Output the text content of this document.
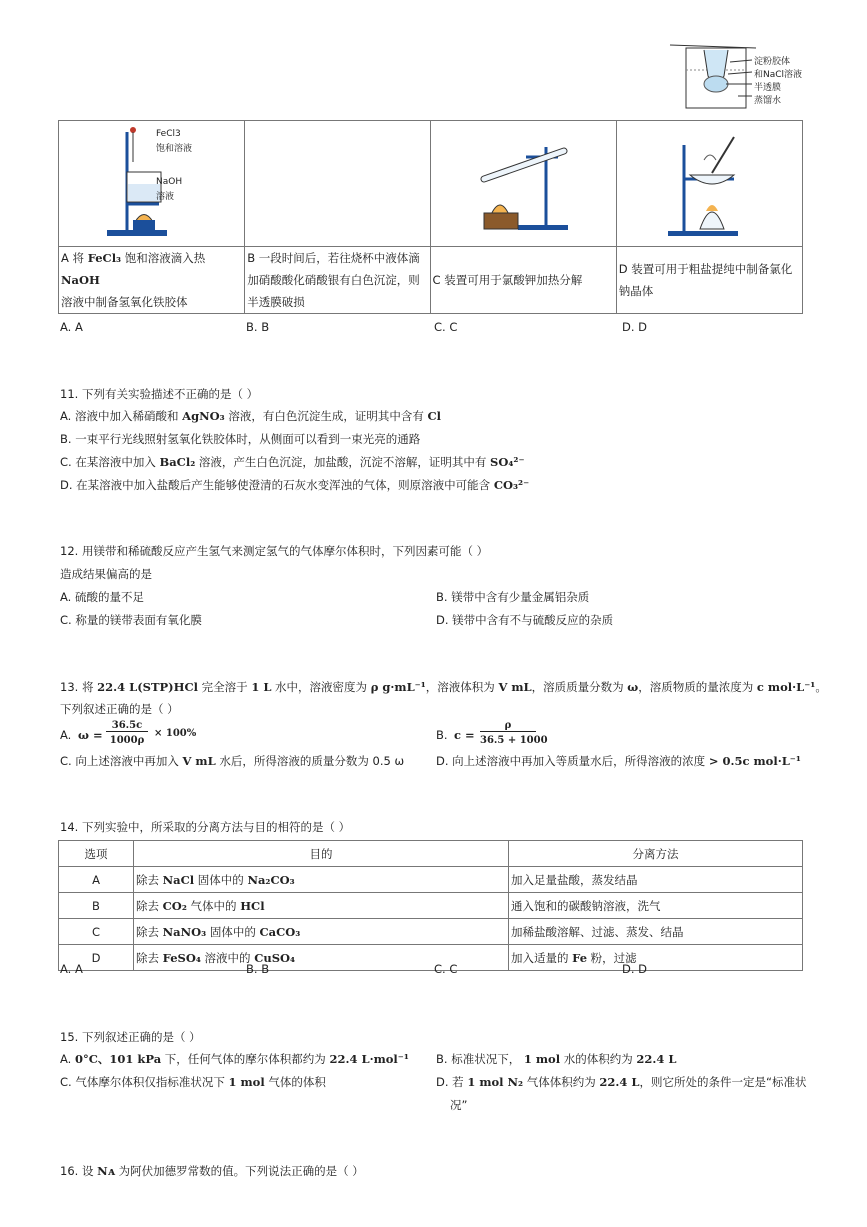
淀粉胶体
和NaCl溶液
半透膜
蒸馏水
FeCl3
饱和溶液
NaOH
溶液

A 将 FeCl₃ 饱和溶液滴入热 NaOH
溶液中制备氢氧化铁胶体	B 一段时间后，若往烧杯中液体滴加硝酸酸化硝酸银有白色沉淀，则半透膜破损	C 装置可用于氯酸钾加热分解	D 装置可用于粗盐提纯中制备氯化钠晶体
A. A	B. B	C. C	D. D
11. 下列有关实验描述不正确的是（ ）
A. 溶液中加入稀硝酸和 AgNO₃ 溶液，有白色沉淀生成，证明其中含有 Cl
B. 一束平行光线照射氢氧化铁胶体时，从侧面可以看到一束光亮的通路
C. 在某溶液中加入 BaCl₂ 溶液，产生白色沉淀，加盐酸，沉淀不溶解，证明其中有 SO₄²⁻
D. 在某溶液中加入盐酸后产生能够使澄清的石灰水变浑浊的气体，则原溶液中可能含 CO₃²⁻
12. 用镁带和稀硫酸反应产生氢气来测定氢气的气体摩尔体积时，下列因素可能（ ）
造成结果偏高的是
A. 硫酸的量不足	B. 镁带中含有少量金属铝杂质
C. 称量的镁带表面有氧化膜	D. 镁带中含有不与硫酸反应的杂质
13. 将 22.4 L(STP)HCl 完全溶于 1 L 水中，溶液密度为 ρ g·mL⁻¹，溶液体积为 V mL，溶质质量分数为 ω，溶质物质的量浓度为 c mol·L⁻¹。
下列叙述正确的是（ ）
A. ω =
36.5c
1000ρ
× 100%	B. c =
ρ
36.5 + 1000
C. 向上述溶液中再加入 V mL 水后，所得溶液的质量分数为 0.5 ω	D. 向上述溶液中再加入等质量水后，所得溶液的浓度 > 0.5c mol·L⁻¹
14. 下列实验中，所采取的分离方法与目的相符的是（ ）
选项	目的	分离方法
A	除去 NaCl 固体中的 Na₂CO₃	加入足量盐酸，蒸发结晶
B	除去 CO₂ 气体中的 HCl	通入饱和的碳酸钠溶液，洗气
C	除去 NaNO₃ 固体中的 CaCO₃	加稀盐酸溶解、过滤、蒸发、结晶
D	除去 FeSO₄ 溶液中的 CuSO₄	加入适量的 Fe 粉，过滤
A. A	B. B	C. C	D. D
15. 下列叙述正确的是（ ）
A. 0°C、101 kPa 下，任何气体的摩尔体积都约为 22.4 L·mol⁻¹ B. 标准状况下， 1 mol 水的体积约为 22.4 L
C. 气体摩尔体积仅指标准状况下 1 mol 气体的体积	D. 若 1 mol N₂ 气体体积约为 22.4 L，则它所处的条件一定是“标准状
况”
16. 设 Nᴀ 为阿伏加德罗常数的值。下列说法正确的是（ ）
